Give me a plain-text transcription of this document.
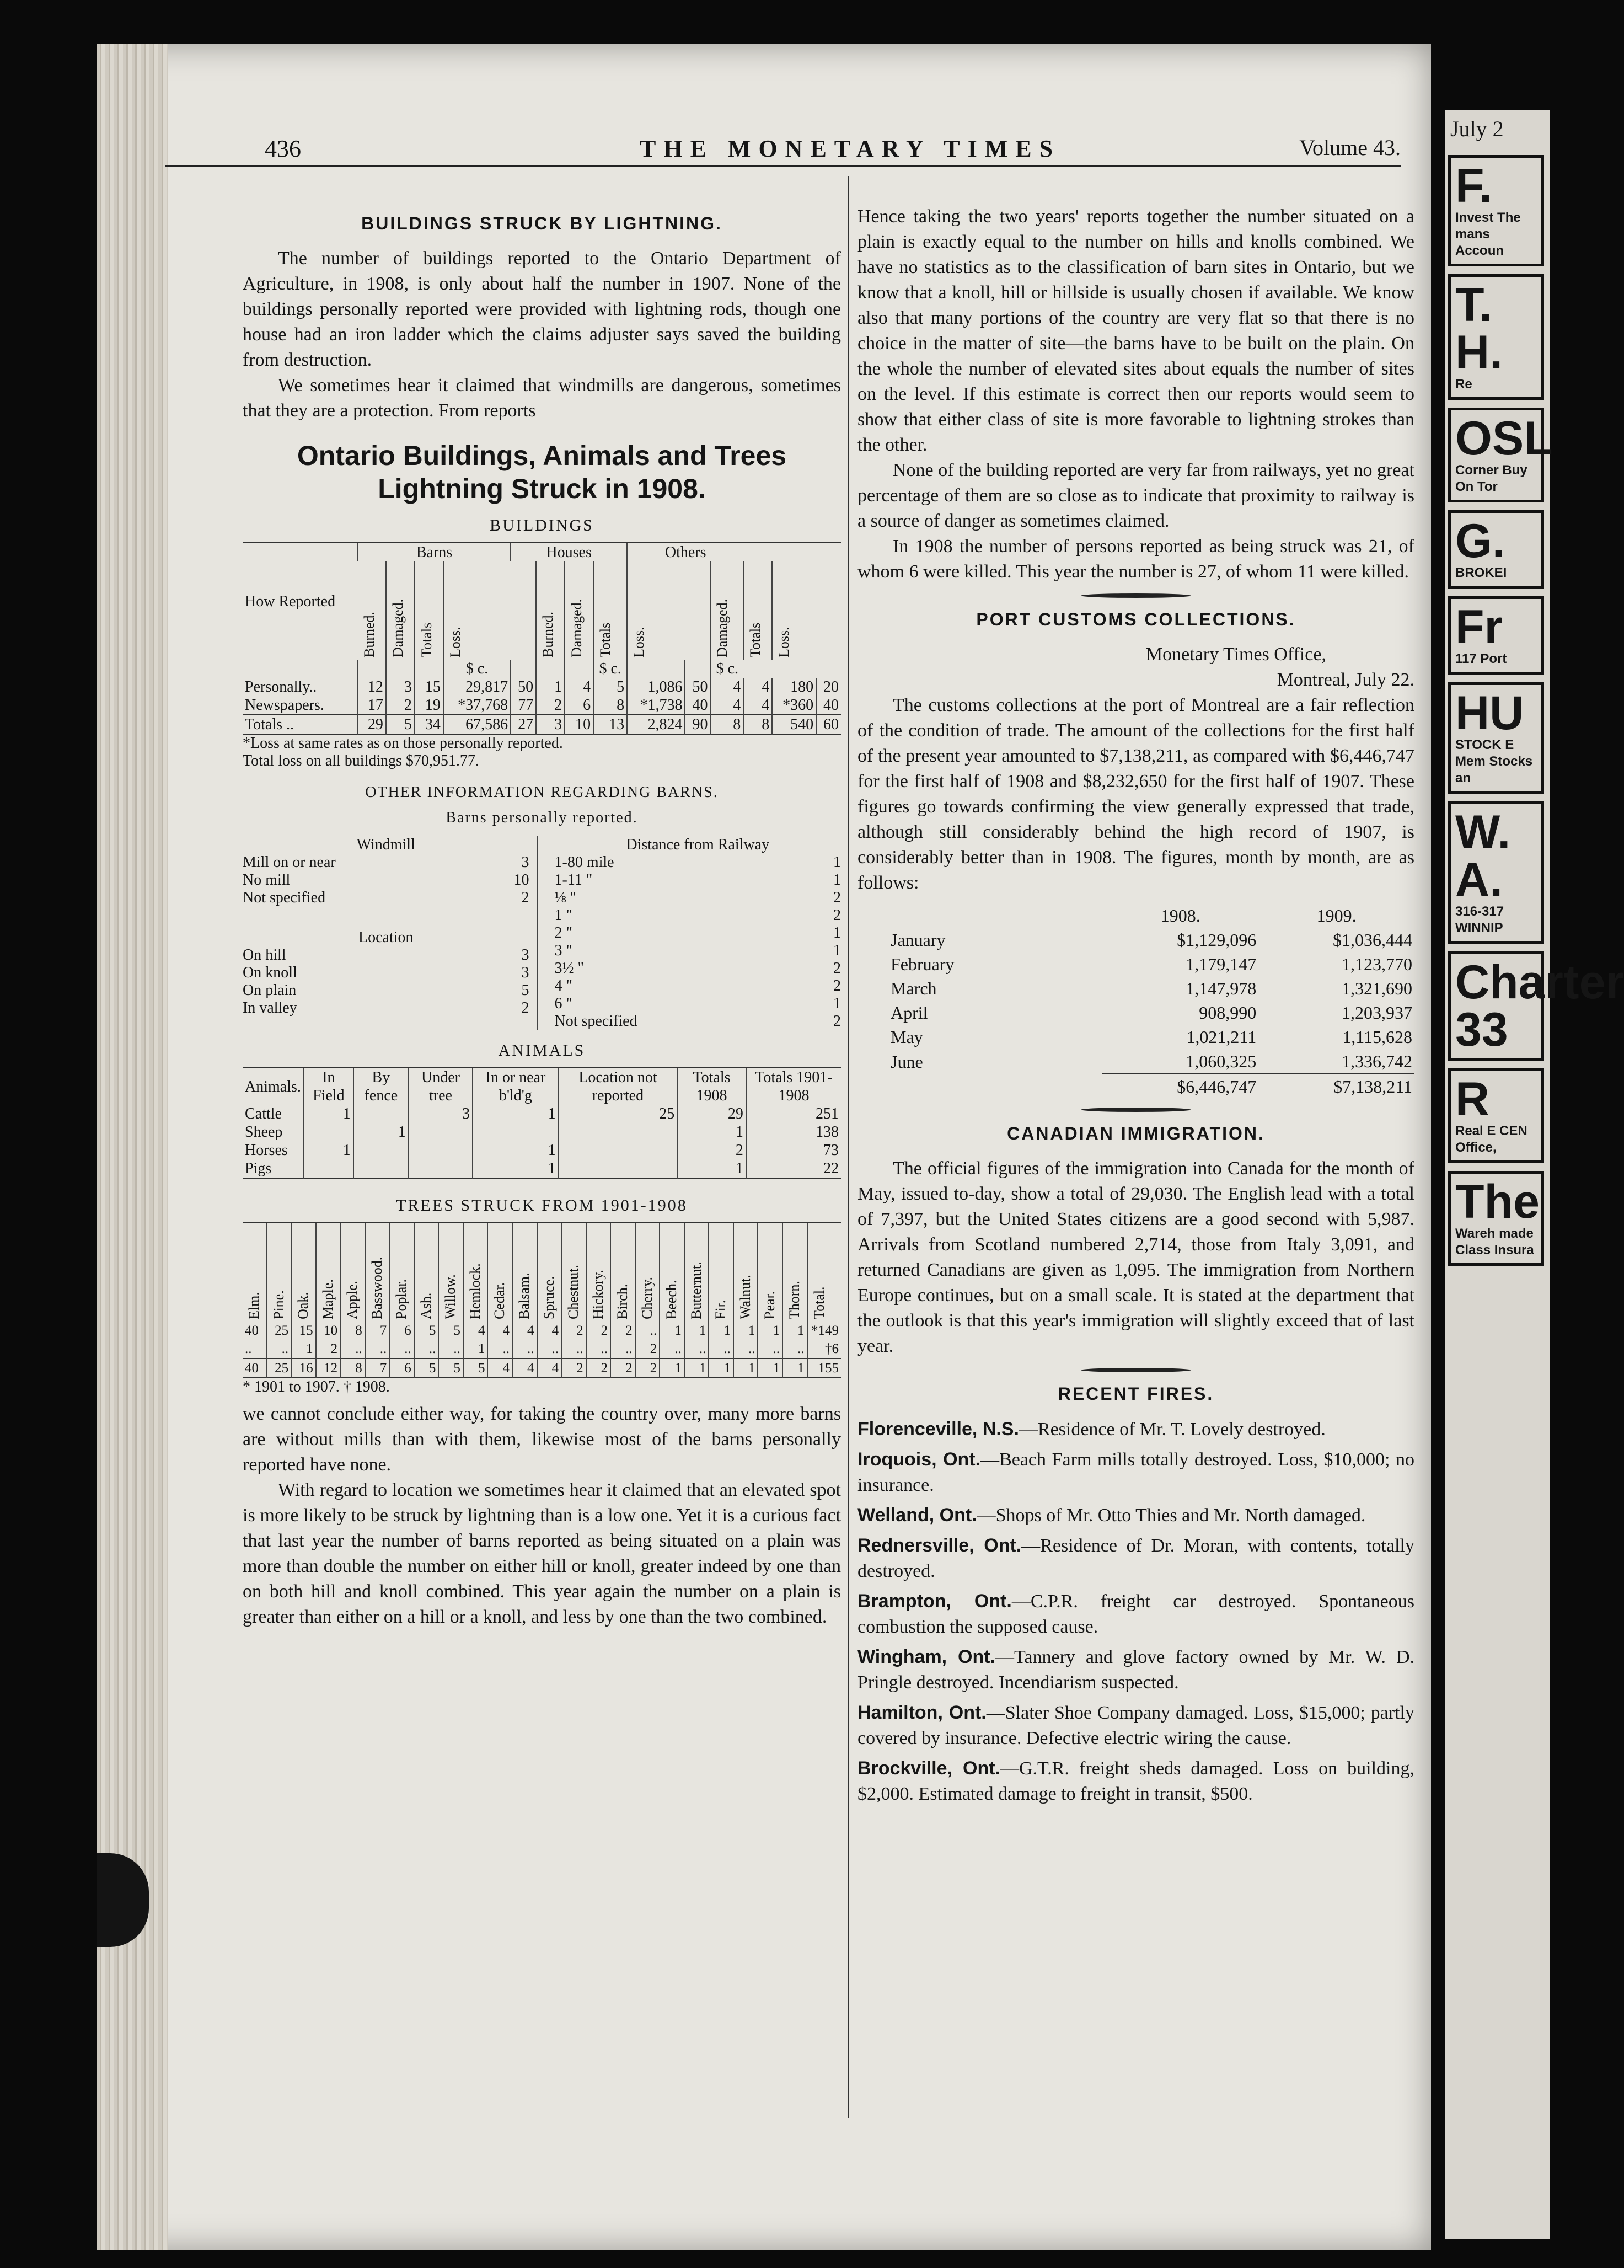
July 2
F.
Invest The mans Accoun
T. H.
Re
OSL
Corner Buy On Tor
G.
BROKEI
Fr
117 Port
HU
STOCK E Mem Stocks an
W. A.
316-317 WINNIP
Charter 33
R
Real E CEN Office,
The
Wareh made Class Insura
436	THE MONETARY TIMES	Volume 43.
BUILDINGS STRUCK BY LIGHTNING.

The number of buildings reported to the Ontario Department of Agriculture, in 1908, is only about half the number in 1907. None of the buildings personally reported were provided with lightning rods, though one house had an iron ladder which the claims adjuster says saved the building from destruction.

We sometimes hear it claimed that windmills are dangerous, sometimes that they are a protection. From reports

Ontario Buildings, Animals and Trees
Lightning Struck in 1908.
BUILDINGS
How Reported	Barns				Houses				Others					

	Burned.	Damaged.	Totals	Loss.		Burned.	Damaged.	Totals	Loss.		Damaged.	Totals	Loss.	

				$ c.				$ c.			$ c.			
Personally..	12	3	15	29,817	50	1	4	5	1,086	50	4	4	180	20
Newspapers.	17	2	19	*37,768	77	2	6	8	*1,738	40	4	4	*360	40
Totals ..	29	5	34	67,586	27	3	10	13	2,824	90	8	8	540	60
*Loss at same rates as on those personally reported.
Total loss on all buildings $70,951.77.
OTHER INFORMATION REGARDING BARNS.
Barns personally reported.
Windmill
Mill on or near	3
No mill	10
Not specified	2
Location
On hill	3
On knoll	3
On plain	5
In valley	2
Distance from Railway
1-80 mile	1
1-11 "	1
⅛ "	2
1 "	2
2 "	1
3 "	1
3½ "	2
4 "	2
6 "	1
Not specified	2
ANIMALS
Animals.	In Field	By fence	Under tree	In or near b'ld'g	Location not reported	Totals 1908	Totals 1901-1908
Cattle	1		3	1	25	29	251
Sheep		1				1	138
Horses	1			1		2	73
Pigs				1		1	22
TREES STRUCK FROM 1901-1908
Elm.	Pine.	Oak.	Maple.	Apple.	Basswood.	Poplar.	Ash.	Willow.	Hemlock.	Cedar.	Balsam.	Spruce.	Chestnut.	Hickory.	Birch.	Cherry.	Beech.	Butternut.	Fir.	Walnut.	Pear.	Thorn.	Total.

40	25	15	10	8	7	6	5	5	4	4	4	4	2	2	2	..	1	1	1	1	1	1	*149
..	..	1	2	..	..	..	..	..	1	..	..	..	..	..	..	2	..	..	..	..	..	..	†6
40	25	16	12	8	7	6	5	5	5	4	4	4	2	2	2	2	1	1	1	1	1	1	155
* 1901 to 1907. † 1908.

we cannot conclude either way, for taking the country over, many more barns are without mills than with them, likewise most of the barns personally reported have none.

With regard to location we sometimes hear it claimed that an elevated spot is more likely to be struck by lightning than is a low one. Yet it is a curious fact that last year the number of barns reported as being situated on a plain was more than double the number on either hill or knoll, greater indeed by one than on both hill and knoll combined. This year again the number on a plain is greater than either on a hill or a knoll, and less by one than the two combined.

Hence taking the two years' reports together the number situated on a plain is exactly equal to the number on hills and knolls combined. We have no statistics as to the classification of barn sites in Ontario, but we know that a knoll, hill or hillside is usually chosen if available. We know also that many portions of the country are very flat so that there is no choice in the matter of site—the barns have to be built on the plain. On the whole the number of elevated sites about equals the number of sites on the level. If this estimate is correct then our reports would seem to show that either class of site is more favorable to lightning strokes than the other.

None of the building reported are very far from railways, yet no great percentage of them are so close as to indicate that proximity to railway is a source of danger as sometimes claimed.

In 1908 the number of persons reported as being struck was 21, of whom 6 were killed. This year the number is 27, of whom 11 were killed.

PORT CUSTOMS COLLECTIONS.
Monetary Times Office,
Montreal, July 22.

The customs collections at the port of Montreal are a fair reflection of the condition of trade. The amount of the collections for the first half of the present year amounted to $7,138,211, as compared with $6,446,747 for the first half of 1908 and $8,232,650 for the first half of 1907. These figures go towards confirming the view generally expressed that trade, although still considerably behind the high record of 1907, is considerably better than in 1908. The figures, month by month, are as follows:

	1908.	1909.
January	$1,129,096	$1,036,444
February	1,179,147	1,123,770
March	1,147,978	1,321,690
April	908,990	1,203,937
May	1,021,211	1,115,628
June	1,060,325	1,336,742
	$6,446,747	$7,138,211
CANADIAN IMMIGRATION.

The official figures of the immigration into Canada for the month of May, issued to-day, show a total of 29,030. The English lead with a total of 7,397, but the United States citizens are a good second with 5,987. Arrivals from Scotland numbered 2,714, those from Italy 3,091, and returned Canadians are given as 1,095. The immigration from Northern Europe continues, but on a small scale. It is stated at the department that the outlook is that this year's immigration will slightly exceed that of last year.

RECENT FIRES.

Florenceville, N.S.—Residence of Mr. T. Lovely destroyed.

Iroquois, Ont.—Beach Farm mills totally destroyed. Loss, $10,000; no insurance.

Welland, Ont.—Shops of Mr. Otto Thies and Mr. North damaged.

Rednersville, Ont.—Residence of Dr. Moran, with contents, totally destroyed.

Brampton, Ont.—C.P.R. freight car destroyed. Spontaneous combustion the supposed cause.

Wingham, Ont.—Tannery and glove factory owned by Mr. W. D. Pringle destroyed. Incendiarism suspected.

Hamilton, Ont.—Slater Shoe Company damaged. Loss, $15,000; partly covered by insurance. Defective electric wiring the cause.

Brockville, Ont.—G.T.R. freight sheds damaged. Loss on building, $2,000. Estimated damage to freight in transit, $500.
